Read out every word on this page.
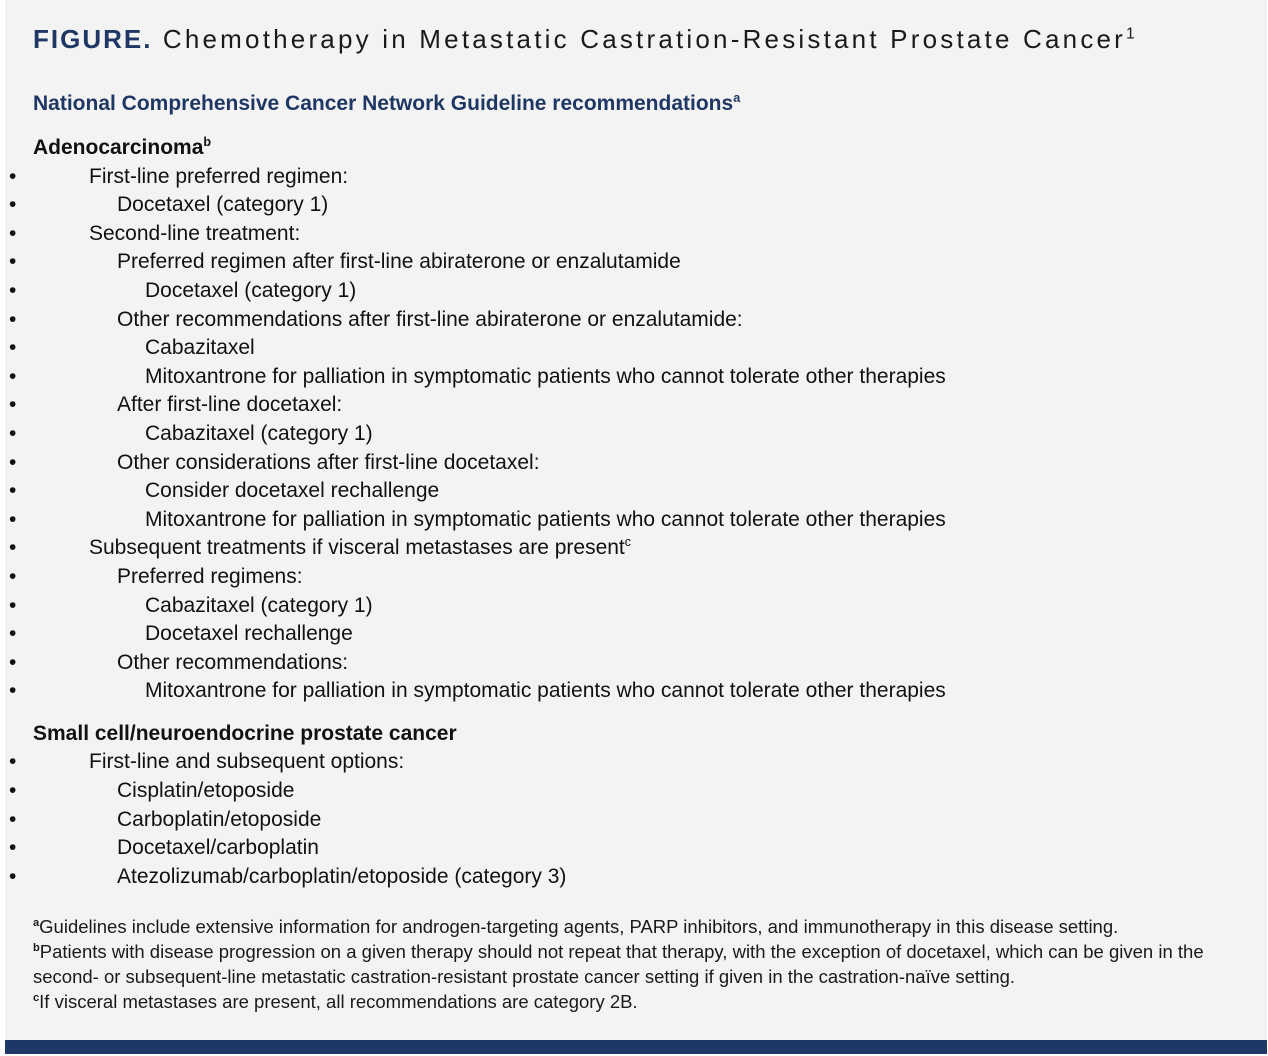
FIGURE. Chemotherapy in Metastatic Castration-Resistant Prostate Cancer$^1$
National Comprehensive Cancer Network Guideline recommendations$^a$
Adenocarcinoma$^b$
• First-line preferred regimen:
• Docetaxel (category 1)
• Second-line treatment:
• Preferred regimen after first-line abiraterone or enzalutamide
• Docetaxel (category 1)
• Other recommendations after first-line abiraterone or enzalutamide:
• Cabazitaxel
• Mitoxantrone for palliation in symptomatic patients who cannot tolerate other therapies
• After first-line docetaxel:
• Cabazitaxel (category 1)
• Other considerations after first-line docetaxel:
• Consider docetaxel rechallenge
• Mitoxantrone for palliation in symptomatic patients who cannot tolerate other therapies
• Subsequent treatments if visceral metastases are present$^c$
• Preferred regimens:
• Cabazitaxel (category 1)
• Docetaxel rechallenge
• Other recommendations:
• Mitoxantrone for palliation in symptomatic patients who cannot tolerate other therapies
Small cell/neuroendocrine prostate cancer
• First-line and subsequent options:
• Cisplatin/etoposide
• Carboplatin/etoposide
• Docetaxel/carboplatin
• Atezolizumab/carboplatin/etoposide (category 3)

$^a$Guidelines include extensive information for androgen-targeting agents, PARP inhibitors, and immunotherapy in this disease setting.

$^b$Patients with disease progression on a given therapy should not repeat that therapy, with the exception of docetaxel, which can be given in the second- or subsequent-line metastatic castration-resistant prostate cancer setting if given in the castration-naïve setting.

$^c$If visceral metastases are present, all recommendations are category 2B.
